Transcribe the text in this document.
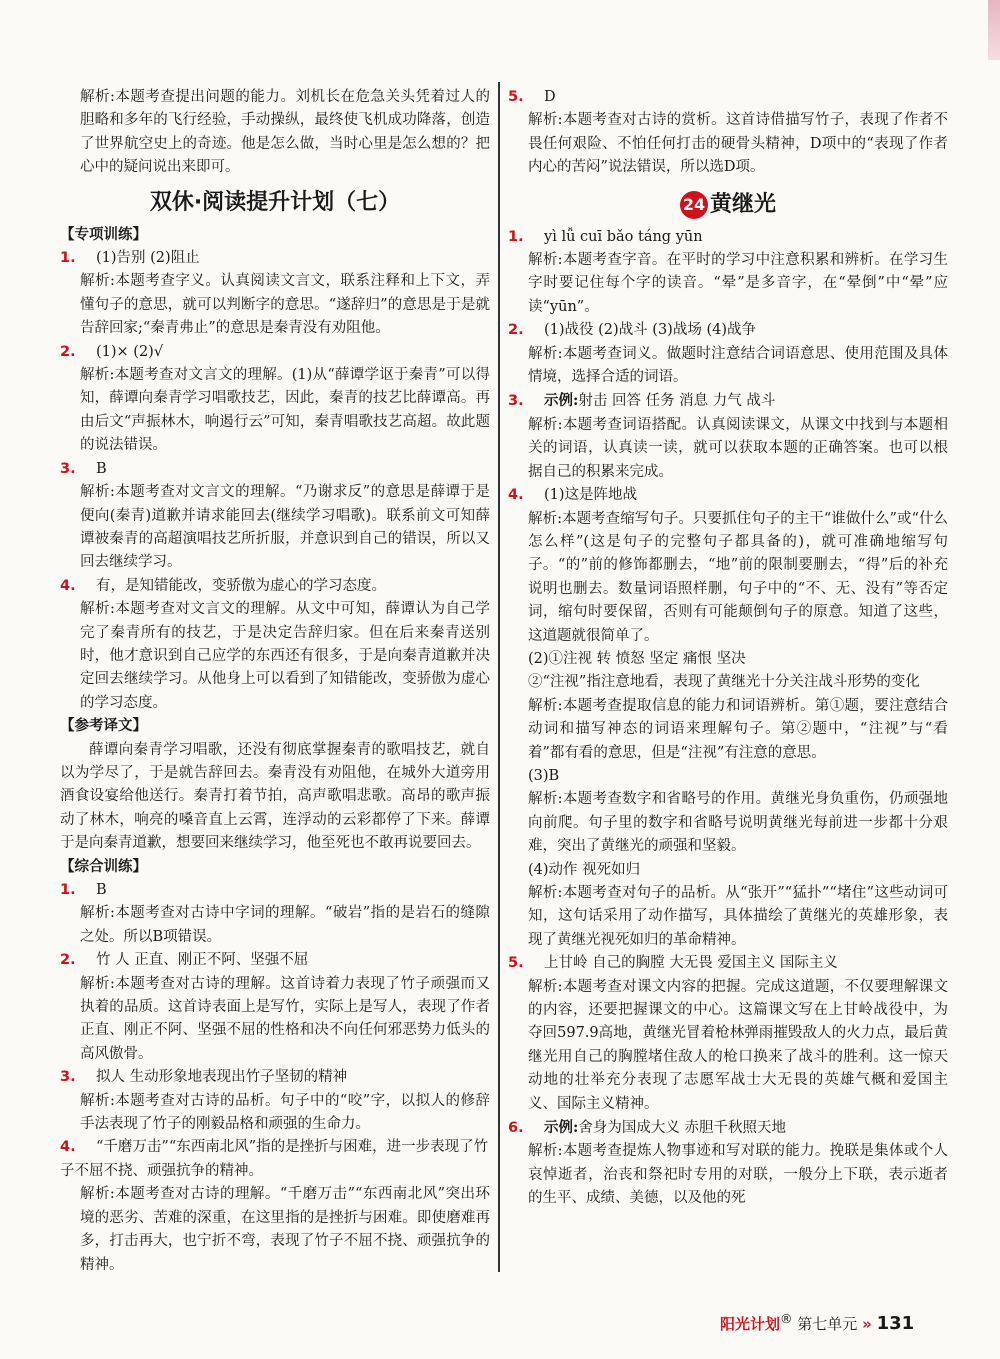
解析:本题考查提出问题的能力。刘机长在危急关头凭着过人的胆略和多年的飞行经验，手动操纵，最终使飞机成功降落，创造了世界航空史上的奇迹。他是怎么做，当时心里是怎么想的？把心中的疑问说出来即可。

双休·阅读提升计划（七）

【专项训练】

1. (1)告别 (2)阻止

解析:本题考查字义。认真阅读文言文，联系注释和上下文，弄懂句子的意思，就可以判断字的意思。“遂辞归”的意思是于是就告辞回家;“秦青弗止”的意思是秦青没有劝阻他。

2. (1)× (2)√

解析:本题考查对文言文的理解。(1)从“薛谭学讴于秦青”可以得知，薛谭向秦青学习唱歌技艺，因此，秦青的技艺比薛谭高。再由后文“声振林木，响遏行云”可知，秦青唱歌技艺高超。故此题的说法错误。

3. B

解析:本题考查对文言文的理解。“乃谢求反”的意思是薛谭于是便向(秦青)道歉并请求能回去(继续学习唱歌)。联系前文可知薛谭被秦青的高超演唱技艺所折服，并意识到自己的错误，所以又回去继续学习。

4. 有，是知错能改，变骄傲为虚心的学习态度。

解析:本题考查对文言文的理解。从文中可知，薛谭认为自己学完了秦青所有的技艺，于是决定告辞归家。但在后来秦青送别时，他才意识到自己应学的东西还有很多，于是向秦青道歉并决定回去继续学习。从他身上可以看到了知错能改，变骄傲为虚心的学习态度。

【参考译文】

薛谭向秦青学习唱歌，还没有彻底掌握秦青的歌唱技艺，就自以为学尽了，于是就告辞回去。秦青没有劝阻他，在城外大道旁用酒食设宴给他送行。秦青打着节拍，高声歌唱悲歌。高昂的歌声振动了林木，响亮的嗓音直上云霄，连浮动的云彩都停了下来。薛谭于是向秦青道歉，想要回来继续学习，他至死也不敢再说要回去。

【综合训练】

1. B

解析:本题考查对古诗中字词的理解。“破岩”指的是岩石的缝隙之处。所以B项错误。

2. 竹 人 正直、刚正不阿、坚强不屈

解析:本题考查对古诗的理解。这首诗着力表现了竹子顽强而又执着的品质。这首诗表面上是写竹，实际上是写人，表现了作者正直、刚正不阿、坚强不屈的性格和决不向任何邪恶势力低头的高风傲骨。

3. 拟人 生动形象地表现出竹子坚韧的精神

解析:本题考查对古诗的品析。句子中的“咬”字，以拟人的修辞手法表现了竹子的刚毅品格和顽强的生命力。

4. “千磨万击”“东西南北风”指的是挫折与困难，进一步表现了竹子不屈不挠、顽强抗争的精神。

解析:本题考查对古诗的理解。“千磨万击”“东西南北风”突出环境的恶劣、苦难的深重，在这里指的是挫折与困难。即使磨难再多，打击再大，也宁折不弯，表现了竹子不屈不挠、顽强抗争的精神。

5. D

解析:本题考查对古诗的赏析。这首诗借描写竹子，表现了作者不畏任何艰险、不怕任何打击的硬骨头精神，D项中的“表现了作者内心的苦闷”说法错误，所以选D项。

24 黄继光

1. yì lǚ cuī bǎo táng yūn

解析:本题考查字音。在平时的学习中注意积累和辨析。在学习生字时要记住每个字的读音。“晕”是多音字，在“晕倒”中“晕”应读“yūn”。

2. (1)战役 (2)战斗 (3)战场 (4)战争

解析:本题考查词义。做题时注意结合词语意思、使用范围及具体情境，选择合适的词语。

3. 示例:射击 回答 任务 消息 力气 战斗

解析:本题考查词语搭配。认真阅读课文，从课文中找到与本题相关的词语，认真读一读，就可以获取本题的正确答案。也可以根据自己的积累来完成。

4. (1)这是阵地战

解析:本题考查缩写句子。只要抓住句子的主干“谁做什么”或“什么怎么样”(这是句子的完整句子都具备的)，就可准确地缩写句子。“的”前的修饰都删去，“地”前的限制要删去，“得”后的补充说明也删去。数量词语照样删，句子中的“不、无、没有”等否定词，缩句时要保留，否则有可能颠倒句子的原意。知道了这些，这道题就很简单了。

(2)①注视 转 愤怒 坚定 痛恨 坚决

②“注视”指注意地看，表现了黄继光十分关注战斗形势的变化

解析:本题考查提取信息的能力和词语辨析。第①题，要注意结合动词和描写神态的词语来理解句子。第②题中，“注视”与“看着”都有看的意思，但是“注视”有注意的意思。

(3)B

解析:本题考查数字和省略号的作用。黄继光身负重伤，仍顽强地向前爬。句子里的数字和省略号说明黄继光每前进一步都十分艰难，突出了黄继光的顽强和坚毅。

(4)动作 视死如归

解析:本题考查对句子的品析。从“张开”“猛扑”“堵住”这些动词可知，这句话采用了动作描写，具体描绘了黄继光的英雄形象，表现了黄继光视死如归的革命精神。

5. 上甘岭 自己的胸膛 大无畏 爱国主义 国际主义

解析:本题考查对课文内容的把握。完成这道题，不仅要理解课文的内容，还要把握课文的中心。这篇课文写在上甘岭战役中，为夺回597.9高地，黄继光冒着枪林弹雨摧毁敌人的火力点，最后黄继光用自己的胸膛堵住敌人的枪口换来了战斗的胜利。这一惊天动地的壮举充分表现了志愿军战士大无畏的英雄气概和爱国主义、国际主义精神。

6. 示例:舍身为国成大义 赤胆千秋照天地

解析:本题考查提炼人物事迹和写对联的能力。挽联是集体或个人哀悼逝者，治丧和祭祀时专用的对联，一般分上下联，表示逝者的生平、成绩、美德，以及他的死

阳光计划® 第七单元 » 131
